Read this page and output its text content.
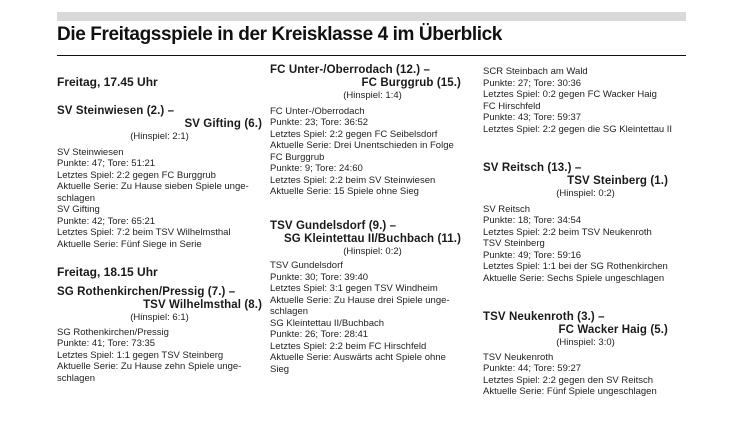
Die Freitagsspiele in der Kreisklasse 4 im Überblick
Freitag, 17.45 Uhr
SV Steinwiesen (2.) –
SV Gifting (6.)
(Hinspiel: 2:1)
SV Steinwiesen
Punkte: 47; Tore: 51:21
Letztes Spiel: 2:2 gegen FC Burggrub
Aktuelle Serie: Zu Hause sieben Spiele unge-
schlagen
SV Gifting
Punkte: 42; Tore: 65:21
Letztes Spiel: 7:2 beim TSV Wilhelmsthal
Aktuelle Serie: Fünf Siege in Serie
Freitag, 18.15 Uhr
SG Rothenkirchen/Pressig (7.) –
TSV Wilhelmsthal (8.)
(Hinspiel: 6:1)
SG Rothenkirchen/Pressig
Punkte: 41; Tore: 73:35
Letztes Spiel: 1:1 gegen TSV Steinberg
Aktuelle Serie: Zu Hause zehn Spiele unge-
schlagen
FC Unter-/Oberrodach (12.) –
FC Burggrub (15.)
(Hinspiel: 1:4)
FC Unter-/Oberrodach
Punkte: 23; Tore: 36:52
Letztes Spiel: 2:2 gegen FC Seibelsdorf
Aktuelle Serie: Drei Unentschieden in Folge
FC Burggrub
Punkte: 9; Tore: 24:60
Letztes Spiel: 2:2 beim SV Steinwiesen
Aktuelle Serie: 15 Spiele ohne Sieg
TSV Gundelsdorf (9.) –
SG Kleintettau II/Buchbach (11.)
(Hinspiel: 0:2)
TSV Gundelsdorf
Punkte: 30; Tore: 39:40
Letztes Spiel: 3:1 gegen TSV Windheim
Aktuelle Serie: Zu Hause drei Spiele unge-
schlagen
SG Kleintettau II/Buchbach
Punkte: 26; Tore: 28:41
Letztes Spiel: 2:2 beim FC Hirschfeld
Aktuelle Serie: Auswärts acht Spiele ohne
Sieg
SCR Steinbach am Wald
Punkte: 27; Tore: 30:36
Letztes Spiel: 0:2 gegen FC Wacker Haig
FC Hirschfeld
Punkte: 43; Tore: 59:37
Letztes Spiel: 2:2 gegen die SG Kleintettau II
SV Reitsch (13.) –
TSV Steinberg (1.)
(Hinspiel: 0:2)
SV Reitsch
Punkte: 18; Tore: 34:54
Letztes Spiel: 2:2 beim TSV Neukenroth
TSV Steinberg
Punkte: 49; Tore: 59:16
Letztes Spiel: 1:1 bei der SG Rothenkirchen
Aktuelle Serie: Sechs Spiele ungeschlagen
TSV Neukenroth (3.) –
FC Wacker Haig (5.)
(Hinspiel: 3:0)
TSV Neukenroth
Punkte: 44; Tore: 59:27
Letztes Spiel: 2:2 gegen den SV Reitsch
Aktuelle Serie: Fünf Spiele ungeschlagen
